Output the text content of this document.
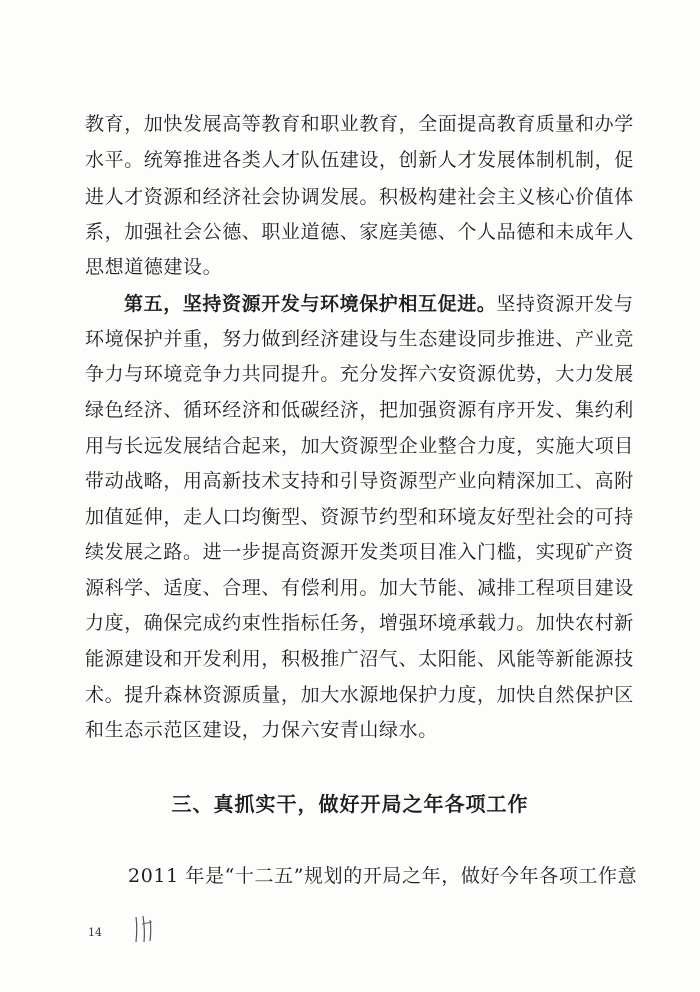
教育，加快发展高等教育和职业教育，全面提高教育质量和办学
水平。统筹推进各类人才队伍建设，创新人才发展体制机制，促
进人才资源和经济社会协调发展。积极构建社会主义核心价值体
系，加强社会公德、职业道德、家庭美德、个人品德和未成年人
思想道德建设。
第五，坚持资源开发与环境保护相互促进。坚持资源开发与
环境保护并重，努力做到经济建设与生态建设同步推进、产业竞
争力与环境竞争力共同提升。充分发挥六安资源优势，大力发展
绿色经济、循环经济和低碳经济，把加强资源有序开发、集约利
用与长远发展结合起来，加大资源型企业整合力度，实施大项目
带动战略，用高新技术支持和引导资源型产业向精深加工、高附
加值延伸，走人口均衡型、资源节约型和环境友好型社会的可持
续发展之路。进一步提高资源开发类项目准入门槛，实现矿产资
源科学、适度、合理、有偿利用。加大节能、减排工程项目建设
力度，确保完成约束性指标任务，增强环境承载力。加快农村新
能源建设和开发利用，积极推广沼气、太阳能、风能等新能源技
术。提升森林资源质量，加大水源地保护力度，加快自然保护区
和生态示范区建设，力保六安青山绿水。
三、真抓实干，做好开局之年各项工作
2011 年是“十二五”规划的开局之年，做好今年各项工作意
14
